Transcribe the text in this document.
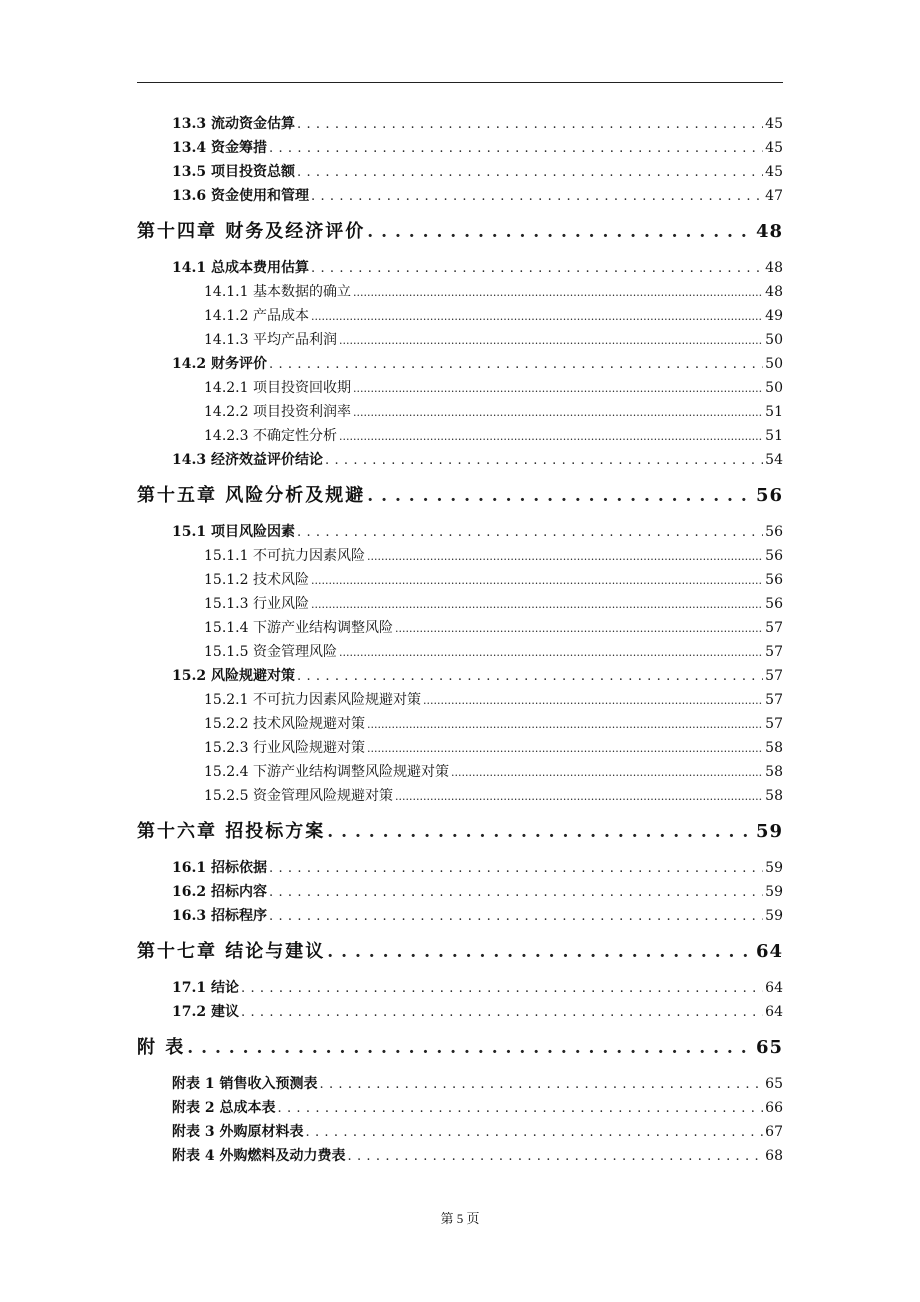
13.3 流动资金估算 . . .	45
13.4 资金筹措 . . .	45
13.5 项目投资总额 . . .	45
13.6 资金使用和管理 . . .	47
第十四章 财务及经济评价 . . .	48
14.1 总成本费用估算 . . .	48
14.1.1 基本数据的确立 .....	48
14.1.2 产品成本 .....	49
14.1.3 平均产品利润 .....	50
14.2 财务评价 . . .	50
14.2.1 项目投资回收期 .....	50
14.2.2 项目投资利润率 .....	51
14.2.3 不确定性分析 .....	51
14.3 经济效益评价结论 . . .	54
第十五章 风险分析及规避 . . .	56
15.1 项目风险因素 . . .	56
15.1.1 不可抗力因素风险 .....	56
15.1.2 技术风险 .....	56
15.1.3 行业风险 .....	56
15.1.4 下游产业结构调整风险 .....	57
15.1.5 资金管理风险 .....	57
15.2 风险规避对策 . . .	57
15.2.1 不可抗力因素风险规避对策 .....	57
15.2.2 技术风险规避对策 .....	57
15.2.3 行业风险规避对策 .....	58
15.2.4 下游产业结构调整风险规避对策 .....	58
15.2.5 资金管理风险规避对策 .....	58
第十六章 招投标方案 . . .	59
16.1 招标依据 . . .	59
16.2 招标内容 . . .	59
16.3 招标程序 . . .	59
第十七章 结论与建议 . . .	64
17.1 结论 . . .	64
17.2 建议 . . .	64
附 表 . . .	65
附表 1 销售收入预测表 . . .	65
附表 2 总成本表 . . .	66
附表 3 外购原材料表 . . .	67
附表 4 外购燃料及动力费表 . . .	68
第 5 页
